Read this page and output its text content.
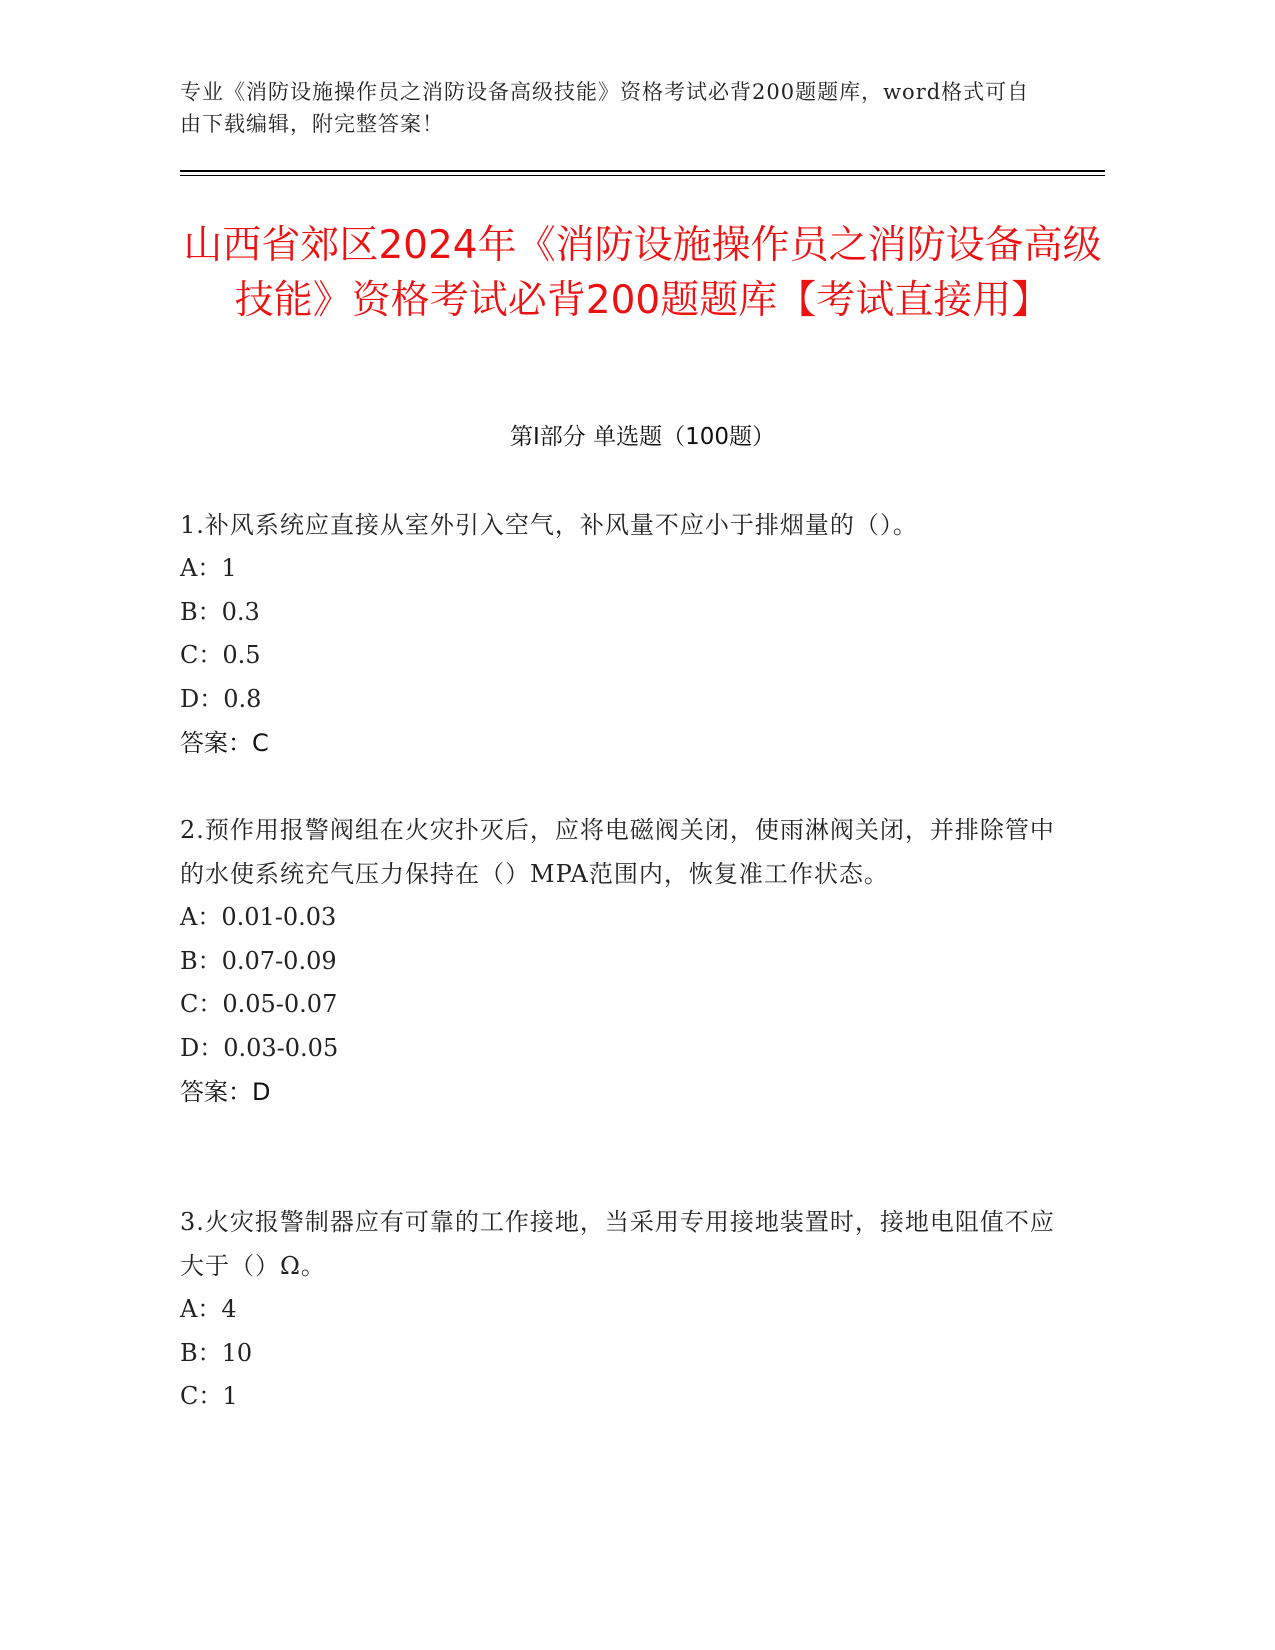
专业《消防设施操作员之消防设备高级技能》资格考试必背200题题库，word格式可自由下载编辑，附完整答案！
山西省郊区2024年《消防设施操作员之消防设备高级技能》资格考试必背200题题库【考试直接用】
第I部分 单选题（100题）
1.补风系统应直接从室外引入空气，补风量不应小于排烟量的（）。
A：1
B：0.3
C：0.5
D：0.8
答案：C
2.预作用报警阀组在火灾扑灭后，应将电磁阀关闭，使雨淋阀关闭，并排除管中的水使系统充气压力保持在（）MPA范围内，恢复准工作状态。
A：0.01-0.03
B：0.07-0.09
C：0.05-0.07
D：0.03-0.05
答案：D
3.火灾报警制器应有可靠的工作接地，当采用专用接地装置时，接地电阻值不应大于（）Ω。
A：4
B：10
C：1
